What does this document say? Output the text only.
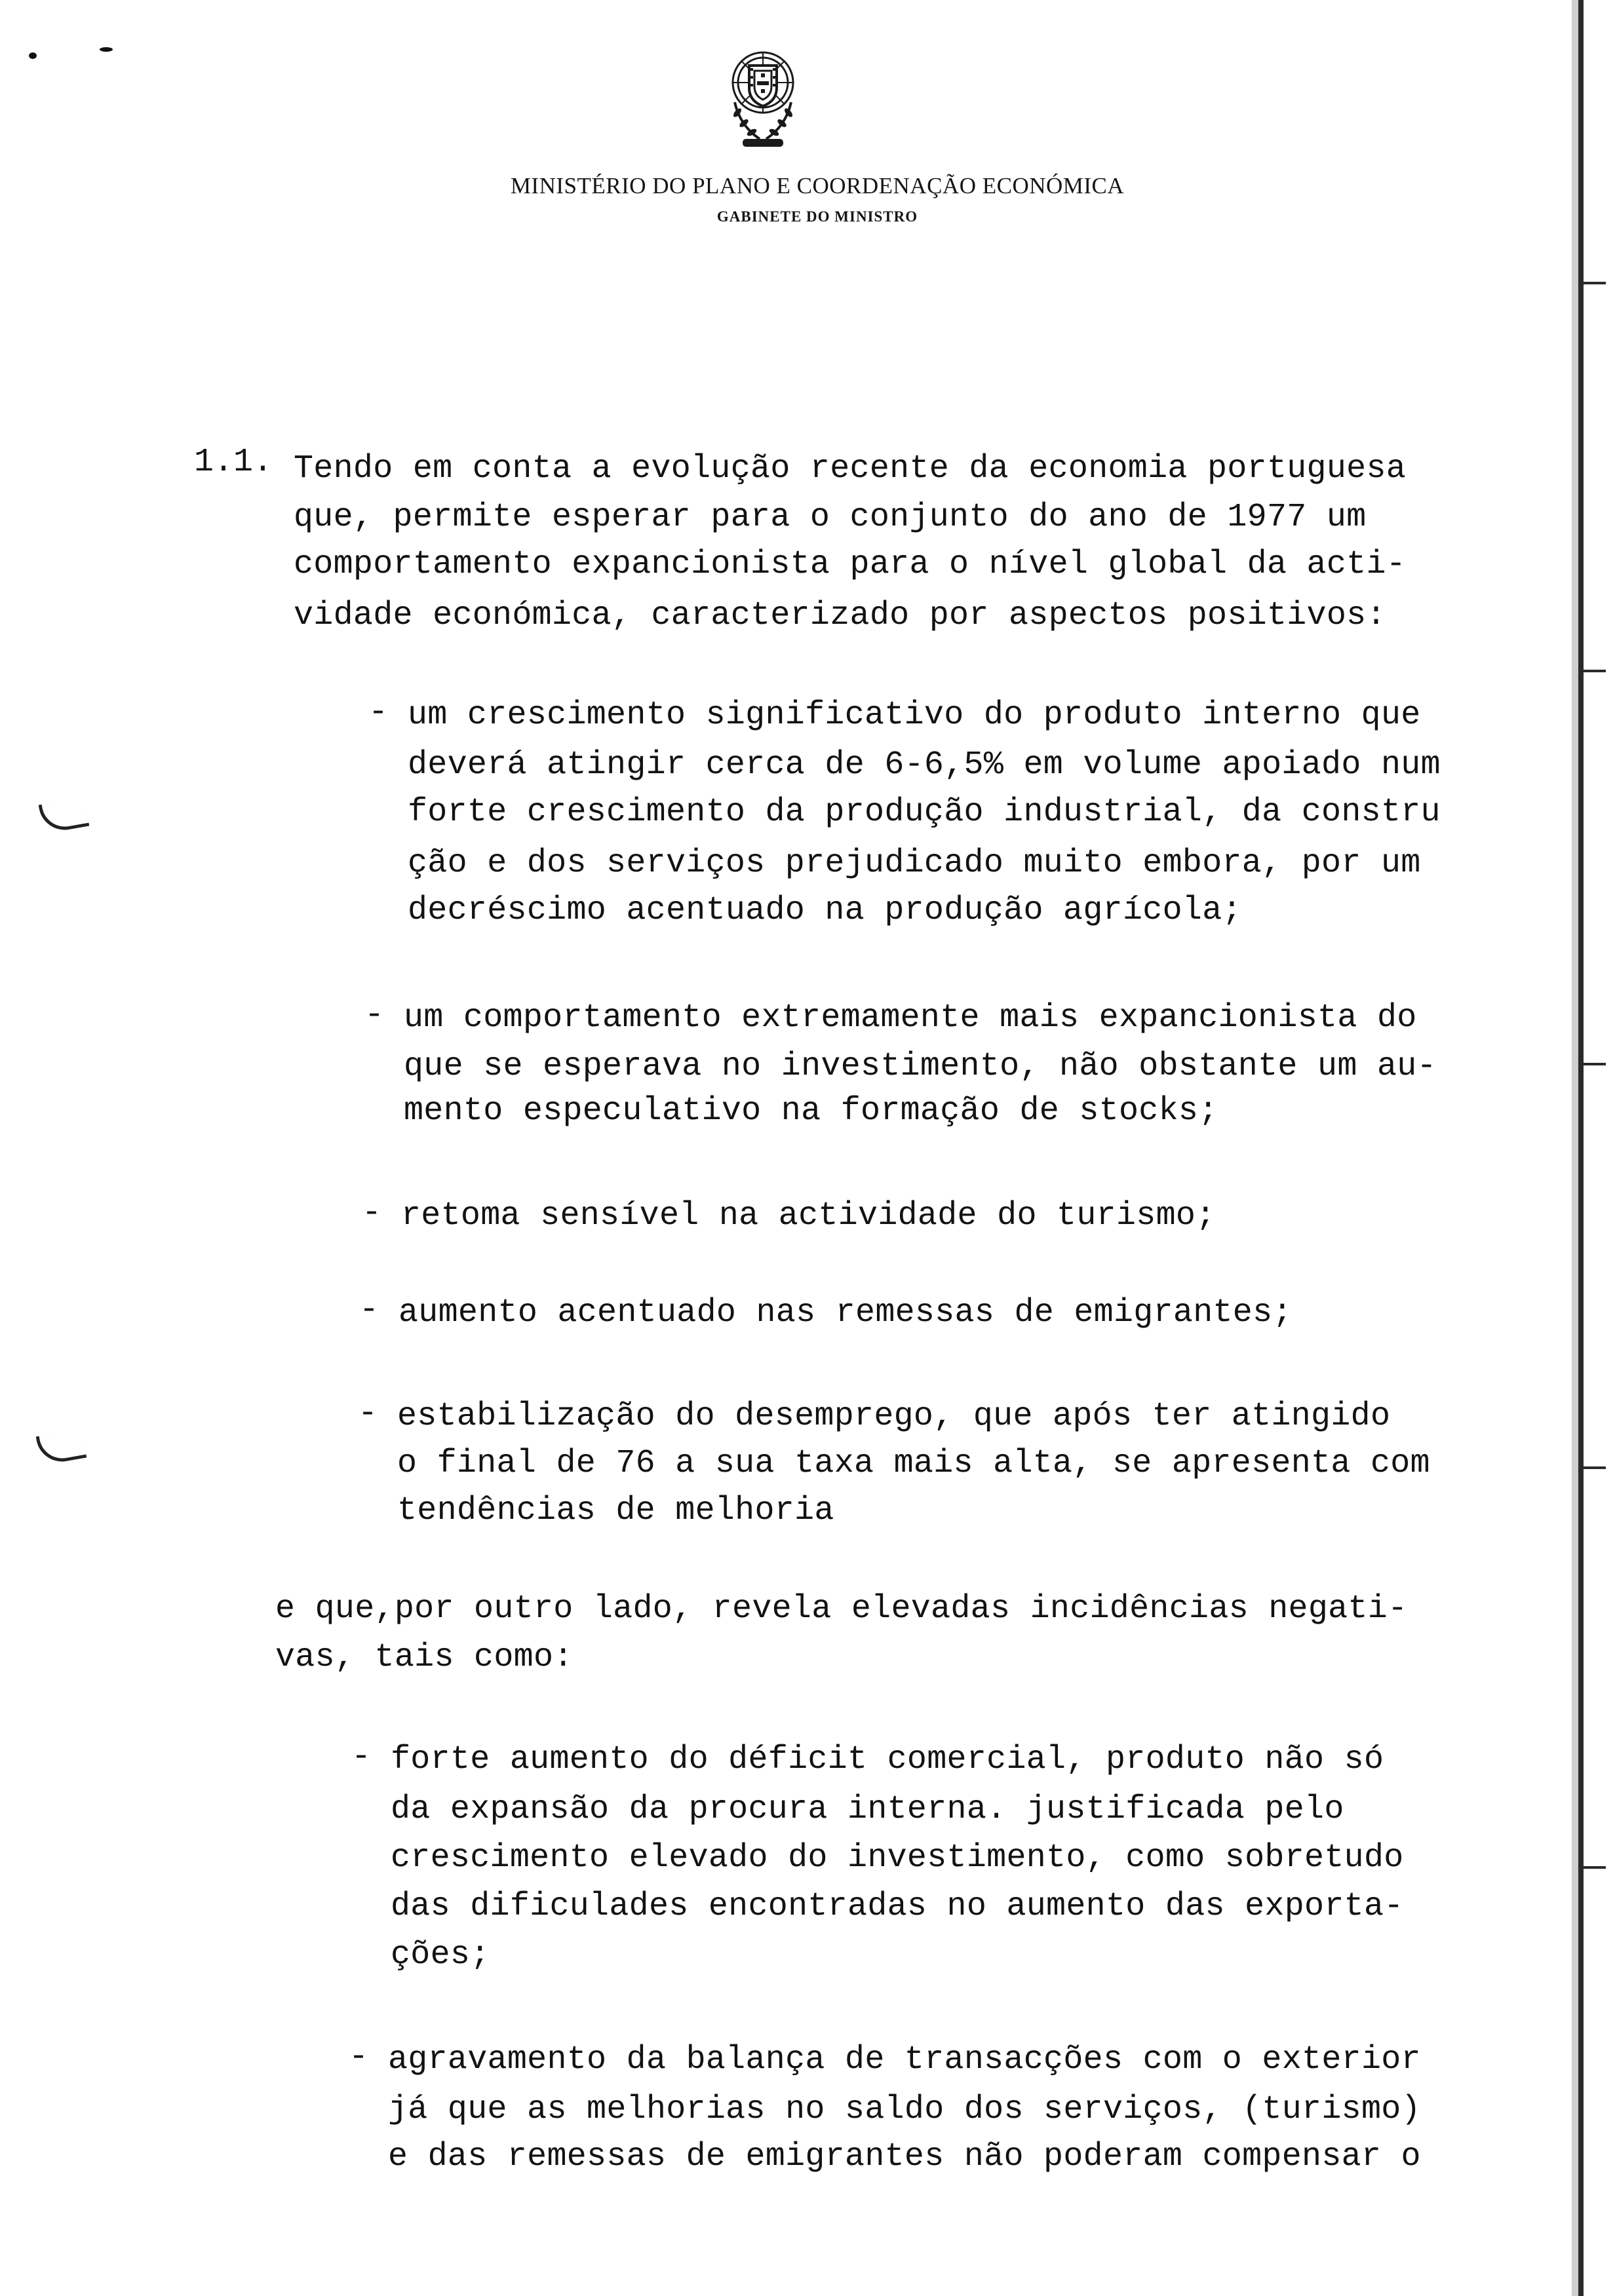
MINISTÉRIO DO PLANO E COORDENAÇÃO ECONÓMICA
GABINETE DO MINISTRO
1.1. Tendo em conta a evolução recente da economia portuguesa
que, permite esperar para o conjunto do ano de 1977 um
comportamento expancionista para o nível global da acti-
vidade económica, caracterizado por aspectos positivos:
- um crescimento significativo do produto interno que
deverá atingir cerca de 6-6,5% em volume apoiado num
forte crescimento da produção industrial, da constru
ção e dos serviços prejudicado muito embora, por um
decréscimo acentuado na produção agrícola;
- um comportamento extremamente mais expancionista do
que se esperava no investimento, não obstante um au-
mento especulativo na formação de stocks;
- retoma sensível na actividade do turismo;
- aumento acentuado nas remessas de emigrantes;
- estabilização do desemprego, que após ter atingido
o final de 76 a sua taxa mais alta, se apresenta com
tendências de melhoria
e que,por outro lado, revela elevadas incidências negati-
vas, tais como:
- forte aumento do déficit comercial, produto não só
da expansão da procura interna. justificada pelo
crescimento elevado do investimento, como sobretudo
das dificulades encontradas no aumento das exporta-
ções;
- agravamento da balança de transacções com o exterior
já que as melhorias no saldo dos serviços, (turismo)
e das remessas de emigrantes não poderam compensar o
